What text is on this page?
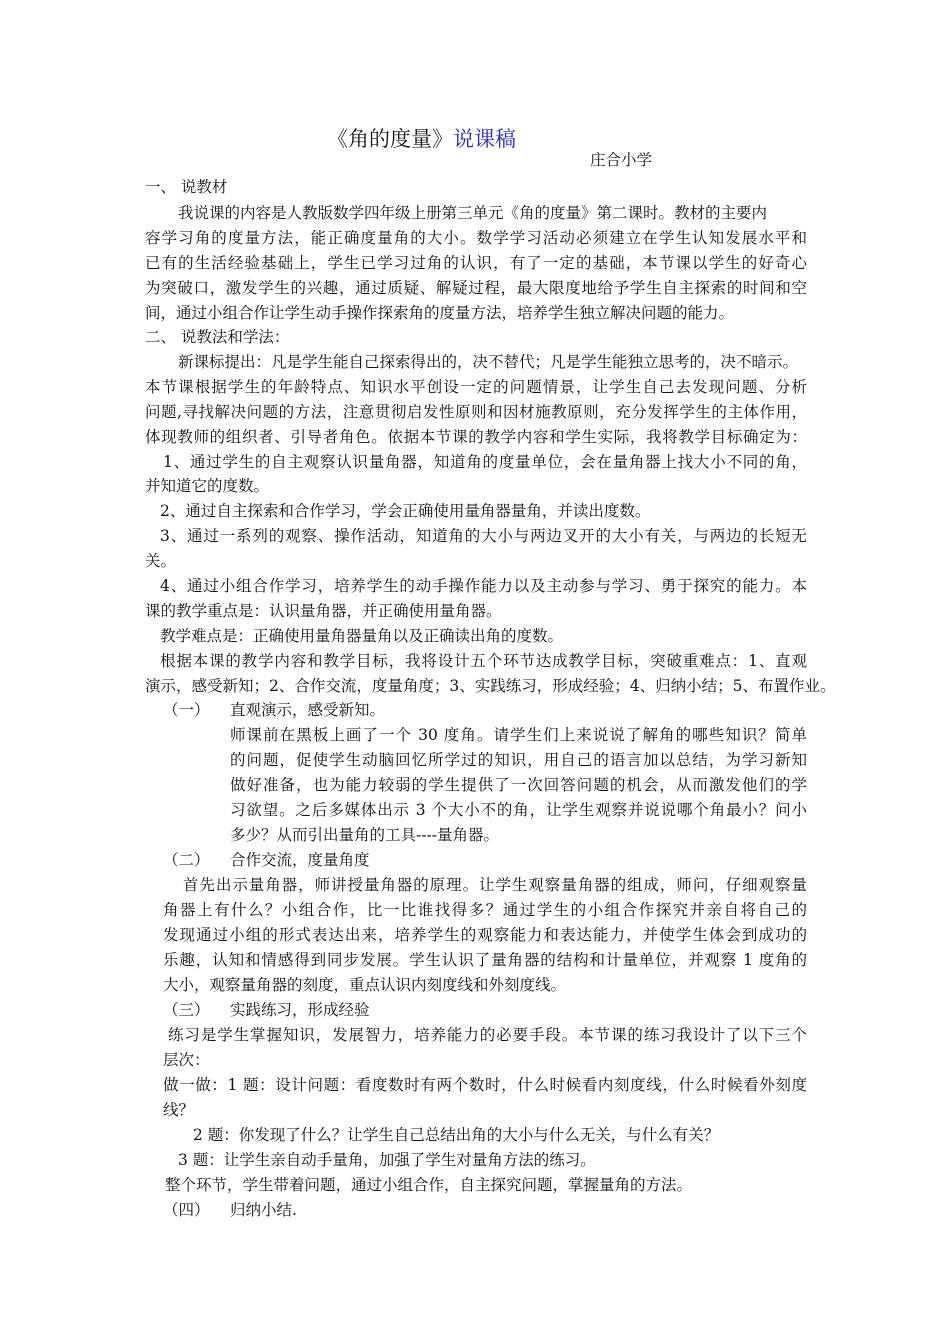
《角的度量》说课稿
庄合小学
一、 说教材
我说课的内容是人教版数学四年级上册第三单元《角的度量》第二课时。教材的主要内
容学习角的度量方法，能正确度量角的大小。数学学习活动必须建立在学生认知发展水平和
已有的生活经验基础上，学生已学习过角的认识，有了一定的基础，本节课以学生的好奇心
为突破口，激发学生的兴趣，通过质疑、解疑过程，最大限度地给予学生自主探索的时间和空
间，通过小组合作让学生动手操作探索角的度量方法，培养学生独立解决问题的能力。
二、 说教法和学法：
新课标提出：凡是学生能自己探索得出的，决不替代；凡是学生能独立思考的，决不暗示。
本节课根据学生的年龄特点、知识水平创设一定的问题情景，让学生自己去发现问题、分析
问题,寻找解决问题的方法，注意贯彻启发性原则和因材施教原则，充分发挥学生的主体作用，
体现教师的组织者、引导者角色。依据本节课的教学内容和学生实际，我将教学目标确定为：
1、通过学生的自主观察认识量角器，知道角的度量单位，会在量角器上找大小不同的角，
并知道它的度数。
2、通过自主探索和合作学习，学会正确使用量角器量角，并读出度数。
3、通过一系列的观察、操作活动，知道角的大小与两边叉开的大小有关，与两边的长短无
关。
4、通过小组合作学习，培养学生的动手操作能力以及主动参与学习、勇于探究的能力。本
课的教学重点是：认识量角器，并正确使用量角器。
教学难点是：正确使用量角器量角以及正确读出角的度数。
根据本课的教学内容和教学目标，我将设计五个环节达成教学目标，突破重难点：1、直观
演示，感受新知；2、合作交流，度量角度；3、实践练习，形成经验；4、归纳小结；5、布置作业。
（一） 直观演示，感受新知。
师课前在黑板上画了一个 30 度角。请学生们上来说说了解角的哪些知识？简单
的问题，促使学生动脑回忆所学过的知识，用自己的语言加以总结，为学习新知
做好准备，也为能力较弱的学生提供了一次回答问题的机会，从而激发他们的学
习欲望。之后多媒体出示 3 个大小不的角，让学生观察并说说哪个角最小？问小
多少？从而引出量角的工具----量角器。
（二） 合作交流，度量角度
首先出示量角器，师讲授量角器的原理。让学生观察量角器的组成，师问，仔细观察量
角器上有什么？小组合作，比一比谁找得多？通过学生的小组合作探究并亲自将自己的
发现通过小组的形式表达出来，培养学生的观察能力和表达能力，并使学生体会到成功的
乐趣，认知和情感得到同步发展。学生认识了量角器的结构和计量单位，并观察 1 度角的
大小，观察量角器的刻度，重点认识内刻度线和外刻度线。
（三） 实践练习，形成经验
练习是学生掌握知识，发展智力，培养能力的必要手段。本节课的练习我设计了以下三个
层次：
做一做：1 题：设计问题：看度数时有两个数时，什么时候看内刻度线，什么时候看外刻度
线？
2 题：你发现了什么？让学生自己总结出角的大小与什么无关，与什么有关？
3 题：让学生亲自动手量角，加强了学生对量角方法的练习。
整个环节，学生带着问题，通过小组合作，自主探究问题，掌握量角的方法。
（四） 归纳小结.
